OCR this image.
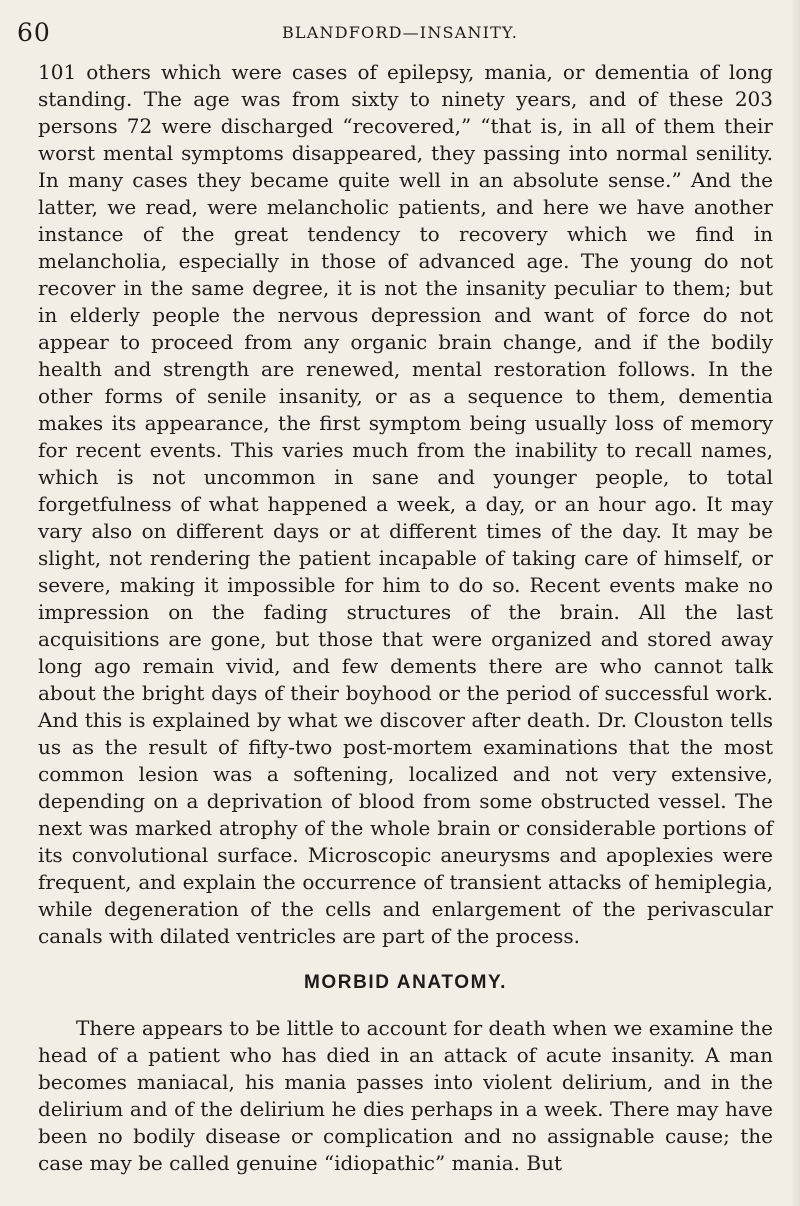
60	BLANDFORD—INSANITY.

101 others which were cases of epilepsy, mania, or dementia of long standing. The age was from sixty to ninety years, and of these 203 persons 72 were discharged “recovered,” “that is, in all of them their worst mental symptoms disappeared, they passing into normal senility. In many cases they became quite well in an absolute sense.” And the latter, we read, were melancholic patients, and here we have another instance of the great tendency to recovery which we find in melancholia, especially in those of advanced age. The young do not recover in the same degree, it is not the insanity peculiar to them; but in elderly people the nervous depression and want of force do not appear to proceed from any organic brain change, and if the bodily health and strength are renewed, mental restoration follows. In the other forms of senile insanity, or as a sequence to them, dementia makes its appearance, the first symptom being usually loss of memory for recent events. This varies much from the inability to recall names, which is not uncommon in sane and younger people, to total forgetfulness of what happened a week, a day, or an hour ago. It may vary also on different days or at different times of the day. It may be slight, not rendering the patient incapable of taking care of himself, or severe, making it impossible for him to do so. Recent events make no impression on the fading structures of the brain. All the last acquisitions are gone, but those that were organized and stored away long ago remain vivid, and few dements there are who cannot talk about the bright days of their boyhood or the period of successful work. And this is explained by what we discover after death. Dr. Clouston tells us as the result of fifty-two post-mortem examinations that the most common lesion was a softening, localized and not very extensive, depending on a deprivation of blood from some obstructed vessel. The next was marked atrophy of the whole brain or considerable portions of its convolutional surface. Microscopic aneurysms and apoplexies were frequent, and explain the occurrence of transient attacks of hemiplegia, while degeneration of the cells and enlargement of the perivascular canals with dilated ventricles are part of the process.

MORBID ANATOMY.

There appears to be little to account for death when we examine the head of a patient who has died in an attack of acute insanity. A man becomes maniacal, his mania passes into violent delirium, and in the delirium and of the delirium he dies perhaps in a week. There may have been no bodily disease or complication and no assignable cause; the case may be called genuine “idiopathic” mania. But
